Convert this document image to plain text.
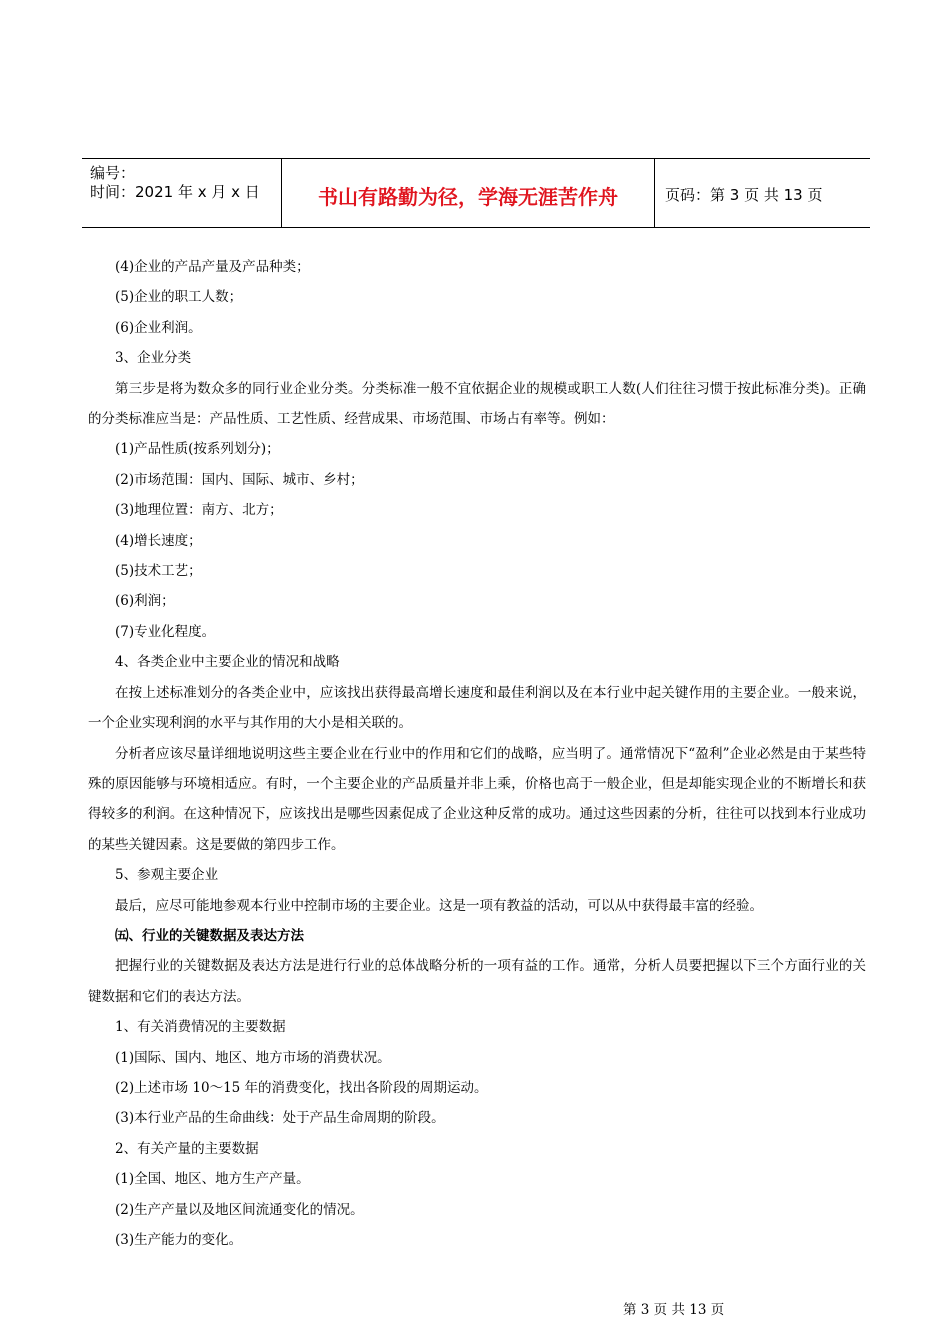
编号：
时间：2021 年 x 月 x 日	书山有路勤为径，学海无涯苦作舟	页码：第 3 页 共 13 页

(4)企业的产品产量及产品种类；

(5)企业的职工人数；

(6)企业利润。

3、企业分类

第三步是将为数众多的同行业企业分类。分类标准一般不宜依据企业的规模或职工人数(人们往往习惯于按此标准分类)。正确的分类标准应当是：产品性质、工艺性质、经营成果、市场范围、市场占有率等。例如：

(1)产品性质(按系列划分)；

(2)市场范围：国内、国际、城市、乡村；

(3)地理位置：南方、北方；

(4)增长速度；

(5)技术工艺；

(6)利润；

(7)专业化程度。

4、各类企业中主要企业的情况和战略

在按上述标准划分的各类企业中，应该找出获得最高增长速度和最佳利润以及在本行业中起关键作用的主要企业。一般来说，一个企业实现利润的水平与其作用的大小是相关联的。

分析者应该尽量详细地说明这些主要企业在行业中的作用和它们的战略，应当明了。通常情况下“盈利”企业必然是由于某些特殊的原因能够与环境相适应。有时，一个主要企业的产品质量并非上乘，价格也高于一般企业，但是却能实现企业的不断增长和获得较多的利润。在这种情况下，应该找出是哪些因素促成了企业这种反常的成功。通过这些因素的分析，往往可以找到本行业成功的某些关键因素。这是要做的第四步工作。

5、参观主要企业

最后，应尽可能地参观本行业中控制市场的主要企业。这是一项有教益的活动，可以从中获得最丰富的经验。

㈤、行业的关键数据及表达方法

把握行业的关键数据及表达方法是进行行业的总体战略分析的一项有益的工作。通常，分析人员要把握以下三个方面行业的关键数据和它们的表达方法。

1、有关消费情况的主要数据

(1)国际、国内、地区、地方市场的消费状况。

(2)上述市场 10～15 年的消费变化，找出各阶段的周期运动。

(3)本行业产品的生命曲线：处于产品生命周期的阶段。

2、有关产量的主要数据

(1)全国、地区、地方生产产量。

(2)生产产量以及地区间流通变化的情况。

(3)生产能力的变化。

第 3 页 共 13 页
